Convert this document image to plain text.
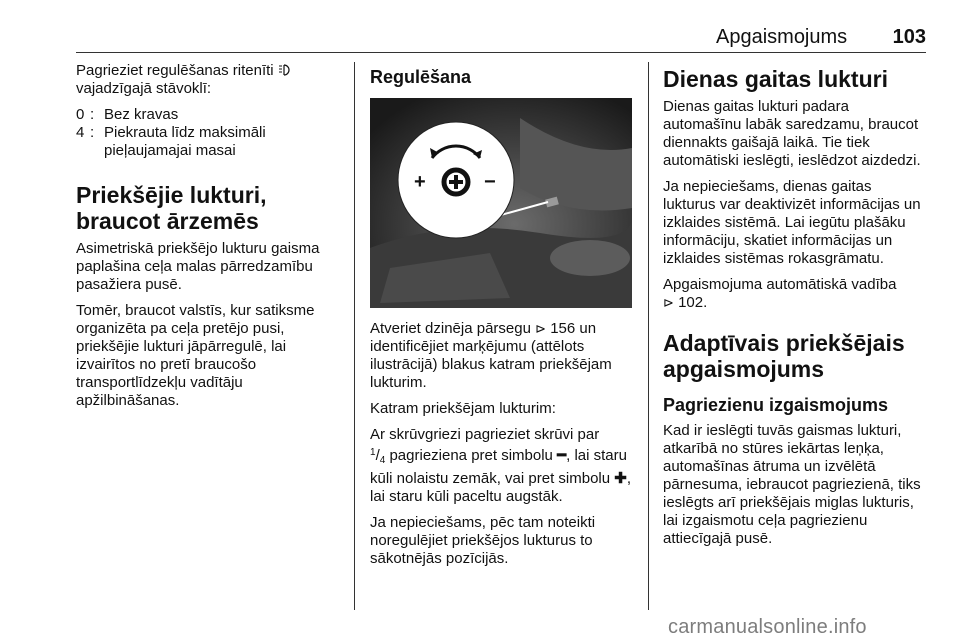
Apgaismojums 103

Pagrieziet regulēšanas ritenīti
vajadzīgajā stāvoklī:

0 : Bez kravas
4 : Piekrauta līdz maksimāli pieļaujamajai masai
Priekšējie lukturi, braucot ārzemēs

Asimetriskā priekšējo lukturu gaisma paplašina ceļa malas pārredzamību pasažiera pusē.

Tomēr, braucot valstīs, kur satiksme organizēta pa ceļa pretējo pusi, priekšējie lukturi jāpārregulē, lai izvairītos no pretī braucošo transportlīdzekļu vadītāju apžilbināšanas.

Regulēšana
+	−

Atveriet dzinēja pārsegu ⊳ 156 un identificējiet marķējumu (attēlots ilustrācijā) blakus katram priekšējam lukturim.

Katram priekšējam lukturim:

Ar skrūvgriezi pagrieziet skrūvi par
$^1/_4$ pagrieziena pret simbolu ━, lai staru kūli nolaistu zemāk, vai pret simbolu ✚, lai staru kūli paceltu augstāk.

Ja nepieciešams, pēc tam noteikti noregulējiet priekšējos lukturus to sākotnējās pozīcijās.

Dienas gaitas lukturi

Dienas gaitas lukturi padara automašīnu labāk saredzamu, braucot diennakts gaišajā laikā. Tie tiek automātiski ieslēgti, ieslēdzot aizdedzi.

Ja nepieciešams, dienas gaitas lukturus var deaktivizēt informācijas un izklaides sistēmā. Lai iegūtu plašāku informāciju, skatiet informācijas un izklaides sistēmas rokasgrāmatu.

Apgaismojuma automātiskā vadība
⊳ 102.

Adaptīvais priekšējais apgaismojums
Pagriezienu izgaismojums

Kad ir ieslēgti tuvās gaismas lukturi, atkarībā no stūres iekārtas leņķa, automašīnas ātruma un izvēlētā pārnesuma, iebraucot pagriezienā, tiks ieslēgts arī priekšējais miglas lukturis, lai izgaismotu ceļa pagriezienu attiecīgajā pusē.

carmanualsonline.info
